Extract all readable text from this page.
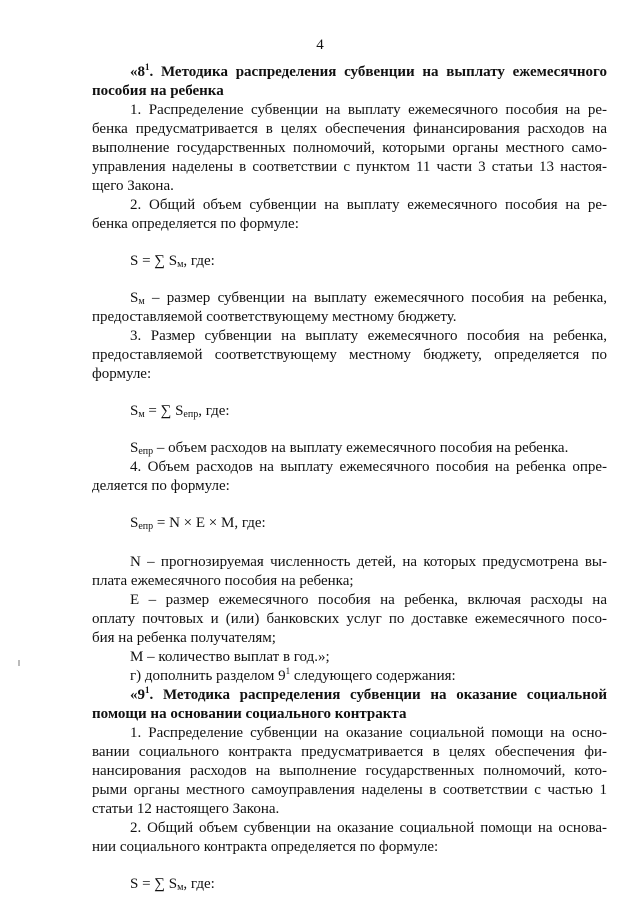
4

«$8^1$. Методика распределения субвенции на выплату ежемесячного

пособия на ребенка

1. Распределение субвенции на выплату ежемесячного пособия на ре-

бенка предусматривается в целях обеспечения финансирования расходов на

выполнение государственных полномочий, которыми органы местного само-

управления наделены в соответствии с пунктом 11 части 3 статьи 13 настоя-

щего Закона.

2. Общий объем субвенции на выплату ежемесячного пособия на ре-

бенка определяется по формуле:

S = ∑ $S_м$, где:

$S_м$ – размер субвенции на выплату ежемесячного пособия на ребенка,

предоставляемой соответствующему местному бюджету.

3. Размер субвенции на выплату ежемесячного пособия на ребенка,

предоставляемой соответствующему местному бюджету, определяется по

формуле:

$S_м$ = ∑ $S_{епр}$, где:

$S_{епр}$ – объем расходов на выплату ежемесячного пособия на ребенка.

4. Объем расходов на выплату ежемесячного пособия на ребенка опре-

деляется по формуле:

$S_{епр} = N \times E \times M$, где:

N – прогнозируемая численность детей, на которых предусмотрена вы-

плата ежемесячного пособия на ребенка;

E – размер ежемесячного пособия на ребенка, включая расходы на

оплату почтовых и (или) банковских услуг по доставке ежемесячного посо-

бия на ребенка получателям;

M – количество выплат в год.»;

г) дополнить разделом $9^1$ следующего содержания:

«$9^1$. Методика распределения субвенции на оказание социальной

помощи на основании социального контракта

1. Распределение субвенции на оказание социальной помощи на осно-

вании социального контракта предусматривается в целях обеспечения фи-

нансирования расходов на выполнение государственных полномочий, кото-

рыми органы местного самоуправления наделены в соответствии с частью 1

статьи 12 настоящего Закона.

2. Общий объем субвенции на оказание социальной помощи на основа-

нии социального контракта определяется по формуле:

S = ∑ $S_м$, где:
